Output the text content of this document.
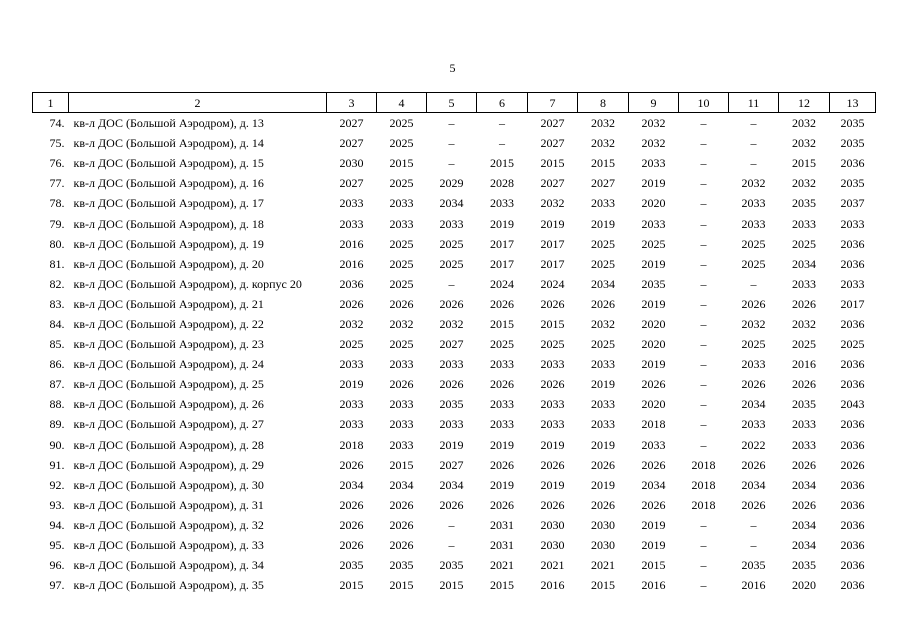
5
1	2	3	4	5	6	7	8	9	10	11	12	13
74.	кв-л ДОС (Большой Аэродром), д. 13	2027	2025	–	–	2027	2032	2032	–	–	2032	2035
75.	кв-л ДОС (Большой Аэродром), д. 14	2027	2025	–	–	2027	2032	2032	–	–	2032	2035
76.	кв-л ДОС (Большой Аэродром), д. 15	2030	2015	–	2015	2015	2015	2033	–	–	2015	2036
77.	кв-л ДОС (Большой Аэродром), д. 16	2027	2025	2029	2028	2027	2027	2019	–	2032	2032	2035
78.	кв-л ДОС (Большой Аэродром), д. 17	2033	2033	2034	2033	2032	2033	2020	–	2033	2035	2037
79.	кв-л ДОС (Большой Аэродром), д. 18	2033	2033	2033	2019	2019	2019	2033	–	2033	2033	2033
80.	кв-л ДОС (Большой Аэродром), д. 19	2016	2025	2025	2017	2017	2025	2025	–	2025	2025	2036
81.	кв-л ДОС (Большой Аэродром), д. 20	2016	2025	2025	2017	2017	2025	2019	–	2025	2034	2036
82.	кв-л ДОС (Большой Аэродром), д. корпус 20	2036	2025	–	2024	2024	2034	2035	–	–	2033	2033
83.	кв-л ДОС (Большой Аэродром), д. 21	2026	2026	2026	2026	2026	2026	2019	–	2026	2026	2017
84.	кв-л ДОС (Большой Аэродром), д. 22	2032	2032	2032	2015	2015	2032	2020	–	2032	2032	2036
85.	кв-л ДОС (Большой Аэродром), д. 23	2025	2025	2027	2025	2025	2025	2020	–	2025	2025	2025
86.	кв-л ДОС (Большой Аэродром), д. 24	2033	2033	2033	2033	2033	2033	2019	–	2033	2016	2036
87.	кв-л ДОС (Большой Аэродром), д. 25	2019	2026	2026	2026	2026	2019	2026	–	2026	2026	2036
88.	кв-л ДОС (Большой Аэродром), д. 26	2033	2033	2035	2033	2033	2033	2020	–	2034	2035	2043
89.	кв-л ДОС (Большой Аэродром), д. 27	2033	2033	2033	2033	2033	2033	2018	–	2033	2033	2036
90.	кв-л ДОС (Большой Аэродром), д. 28	2018	2033	2019	2019	2019	2019	2033	–	2022	2033	2036
91.	кв-л ДОС (Большой Аэродром), д. 29	2026	2015	2027	2026	2026	2026	2026	2018	2026	2026	2026
92.	кв-л ДОС (Большой Аэродром), д. 30	2034	2034	2034	2019	2019	2019	2034	2018	2034	2034	2036
93.	кв-л ДОС (Большой Аэродром), д. 31	2026	2026	2026	2026	2026	2026	2026	2018	2026	2026	2036
94.	кв-л ДОС (Большой Аэродром), д. 32	2026	2026	–	2031	2030	2030	2019	–	–	2034	2036
95.	кв-л ДОС (Большой Аэродром), д. 33	2026	2026	–	2031	2030	2030	2019	–	–	2034	2036
96.	кв-л ДОС (Большой Аэродром), д. 34	2035	2035	2035	2021	2021	2021	2015	–	2035	2035	2036
97.	кв-л ДОС (Большой Аэродром), д. 35	2015	2015	2015	2015	2016	2015	2016	–	2016	2020	2036
